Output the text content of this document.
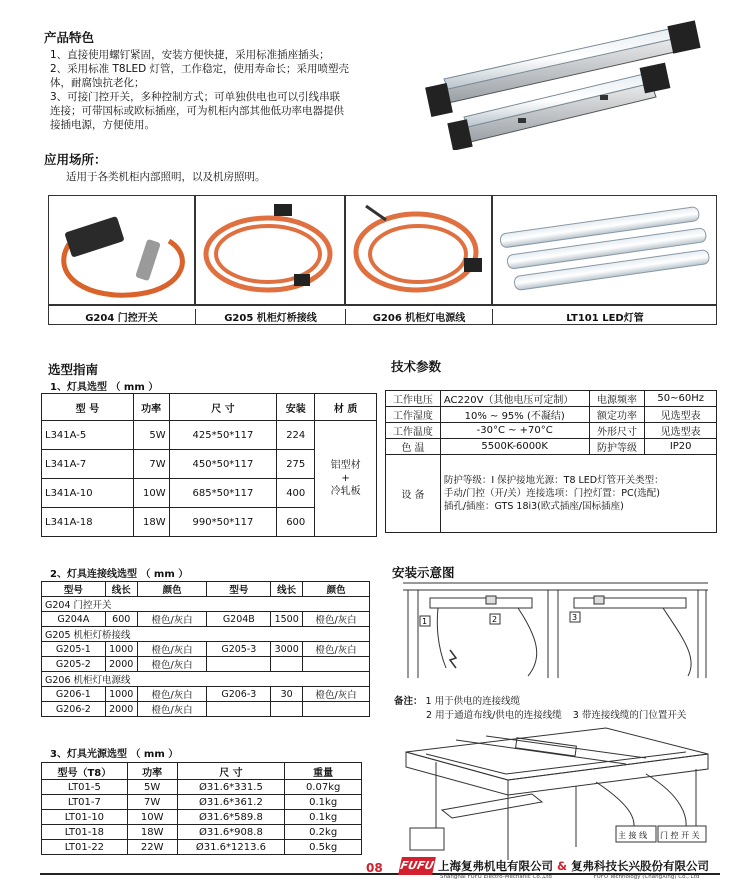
产品特色
1、直接使用螺钉紧固，安装方便快捷，采用标准插座插头；
2、采用标准 T8LED 灯管，工作稳定，使用寿命长；采用喷塑壳
体，耐腐蚀抗老化；
3、可接门控开关，多种控制方式；可单独供电也可以引线串联
连接；可带国标或欧标插座，可为机柜内部其他低功率电器提供
接插电源，方便使用。
应用场所：
适用于各类机柜内部照明，以及机房照明。
G204 门控开关	G205 机柜灯桥接线	G206 机柜灯电源线	LT101 LED灯管
选型指南
1、灯具选型 （ mm ）
型 号	功率	尺 寸	安装	材 质
L341A-5	5W	425*50*117	224	铝型材
+
冷轧板

L341A-7	7W	450*50*117	275	
L341A-10	10W	685*50*117	400	
L341A-18	18W	990*50*117	600	
2、灯具连接线选型 （ mm ）
型号	线长	颜色	型号	线长	颜色
G204 门控开关					
G204A	600	橙色/灰白	G204B	1500	橙色/灰白
G205 机柜灯桥接线					
G205-1	1000	橙色/灰白	G205-3	3000	橙色/灰白
G205-2	2000	橙色/灰白			
G206 机柜灯电源线					
G206-1	1000	橙色/灰白	G206-3	30	橙色/灰白
G206-2	2000	橙色/灰白			
3、灯具光源选型 （ mm ）
型号（T8）	功率	尺 寸	重量
LT01-5	5W	Ø31.6*331.5	0.07kg
LT01-7	7W	Ø31.6*361.2	0.1kg
LT01-10	10W	Ø31.6*589.8	0.1kg
LT01-18	18W	Ø31.6*908.8	0.2kg
LT01-22	22W	Ø31.6*1213.6	0.5kg
技术参数
工作电压	AC220V（其他电压可定制）	电源频率	50~60Hz
工作湿度	10% ~ 95% (不凝结)	额定功率	见选型表
工作温度	-30°C ~ +70°C	外形尺寸	见选型表
色 温	5500K-6000K	防护等级	IP20
设 备	防护等级：I 保护接地光源：T8 LED灯管开关类型：
手动/门控（开/关）连接选项：门控灯置：PC(选配)
插孔/插座：GTS 18i3(欧式插座/国标插座)		
安装示意图
1	2	3
备注： 1 用于供电的连接线缆
2 用于通道布线/供电的连接线缆 3 带连接线缆的门位置开关
主 接 线 门 控 开 关
08 FUFU 上海复弗机电有限公司 & 复弗科技长兴股份有限公司
Shanghai FUFU Electro-Mechanic Co.,Ltd	FUFU Technology (ChangXing) Co., Ltd
